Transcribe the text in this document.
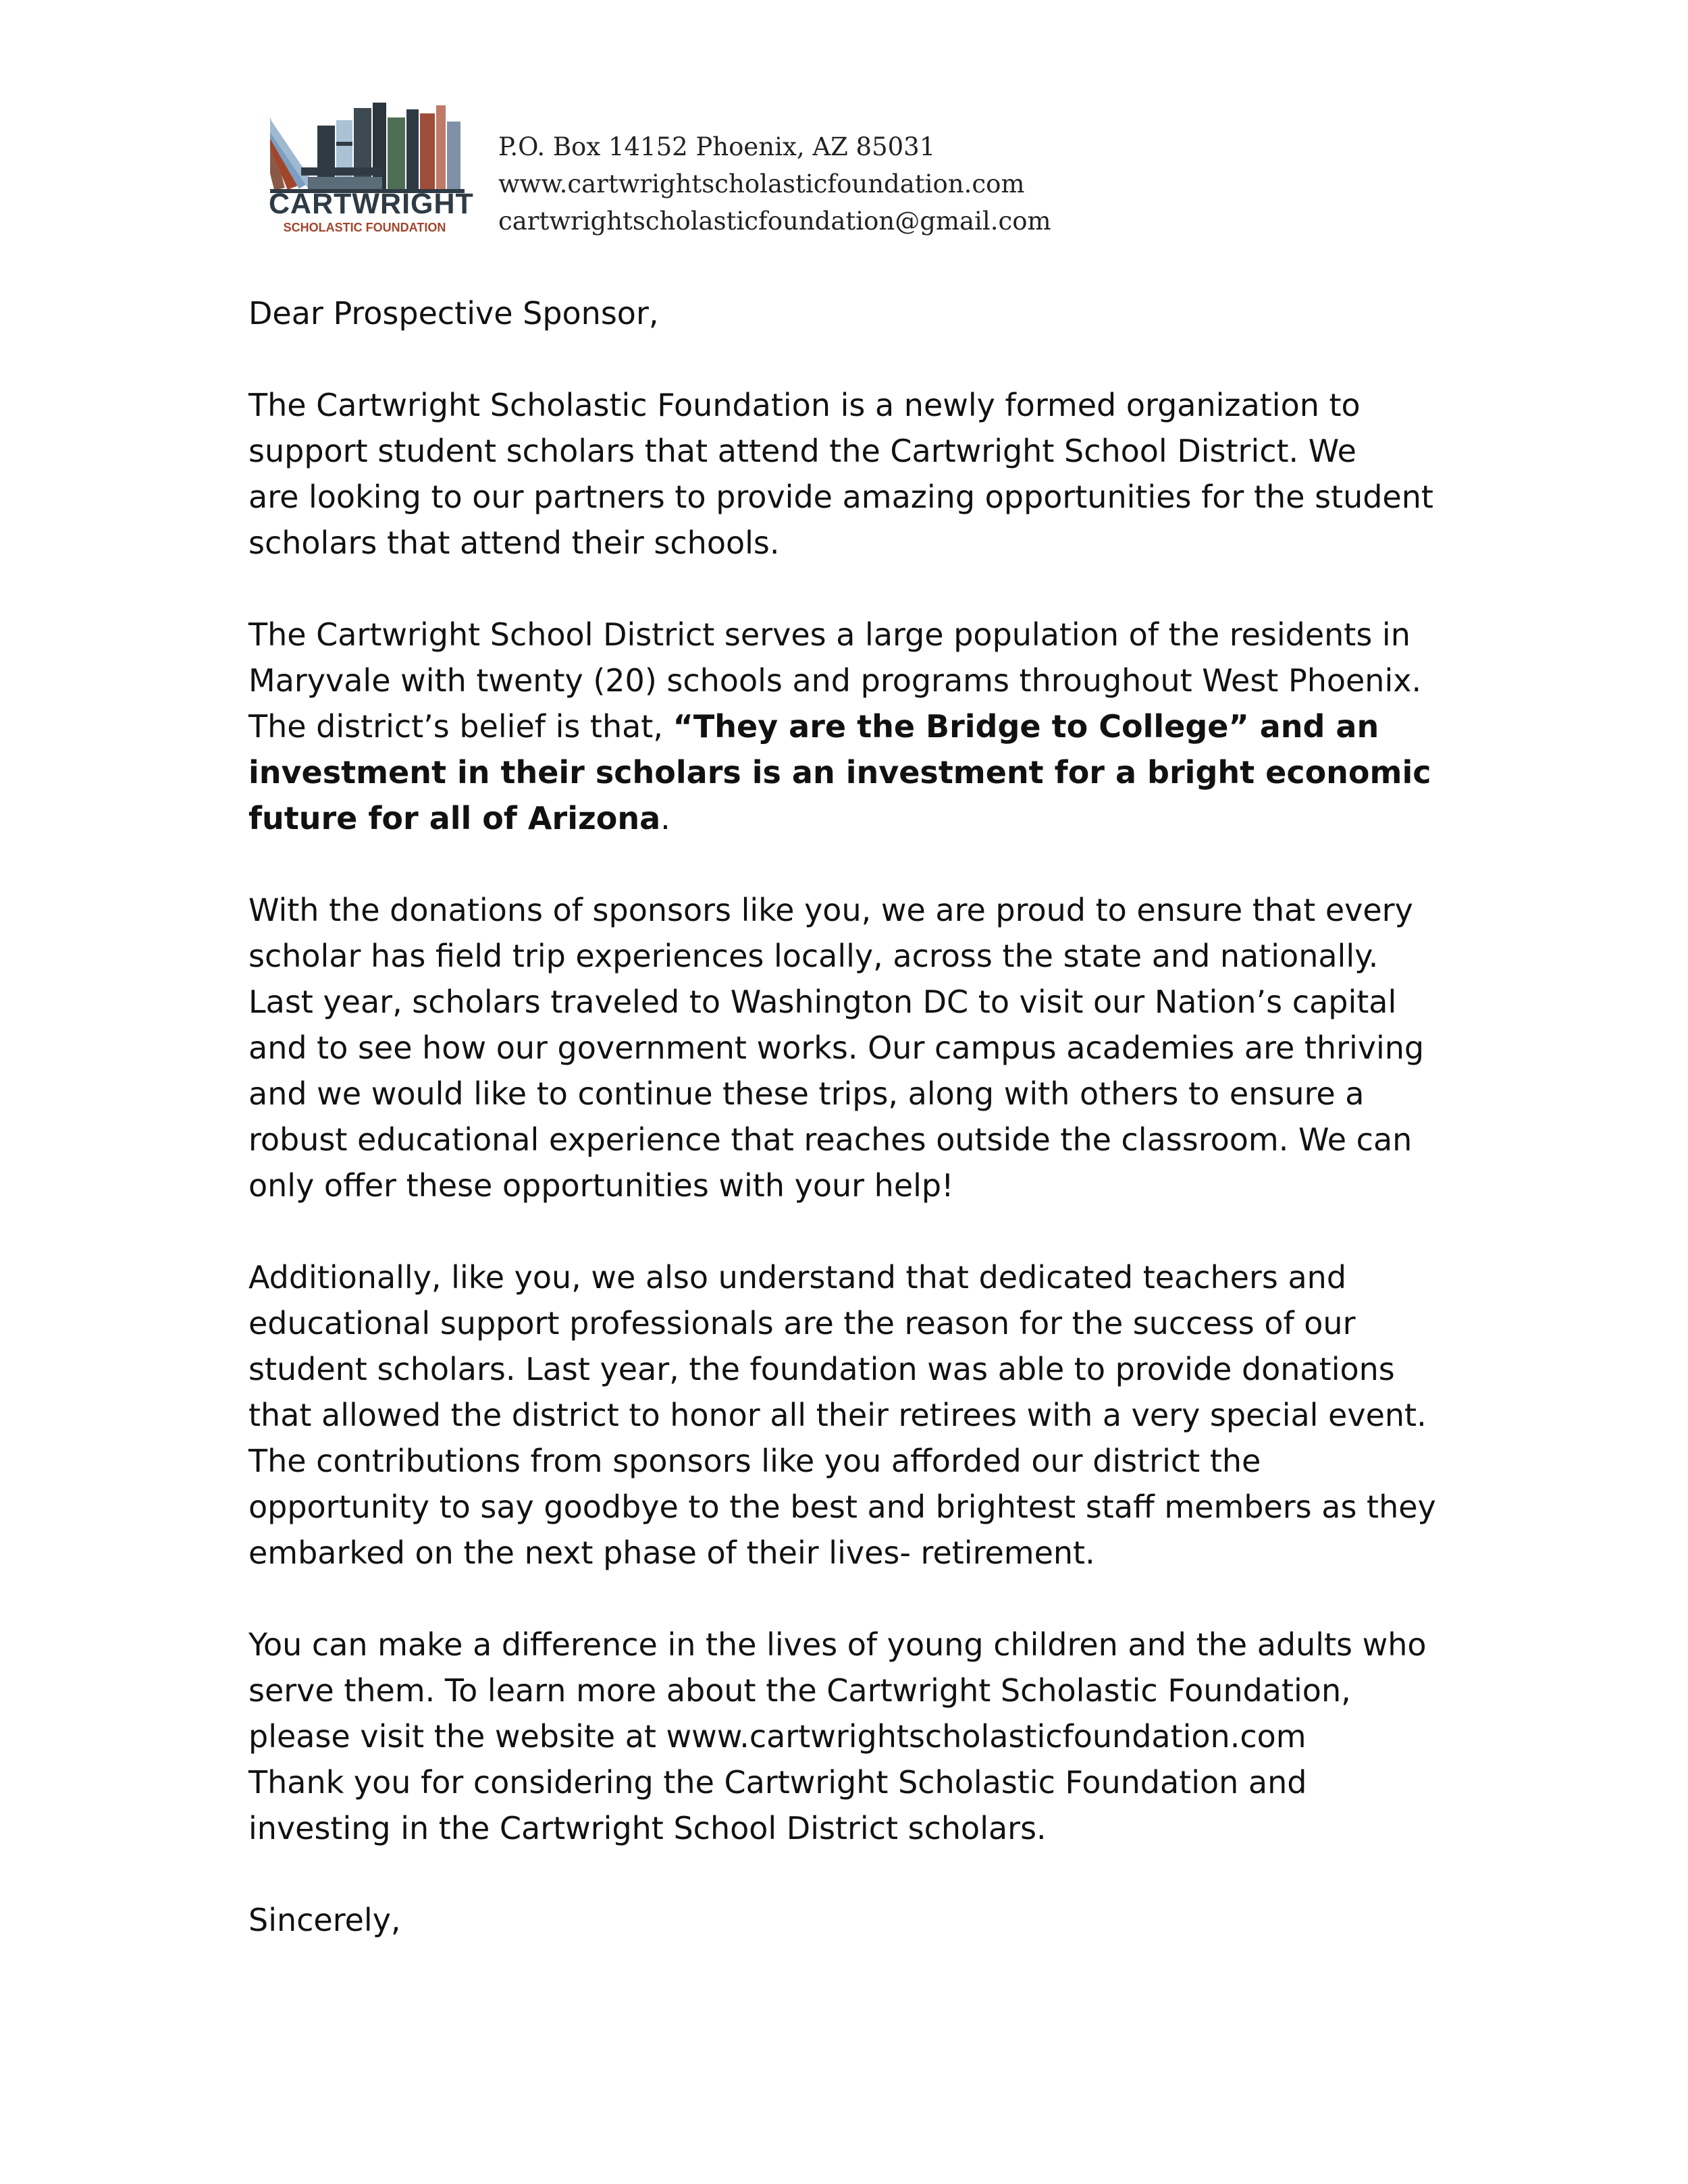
CARTWRIGHT
SCHOLASTIC FOUNDATION
P.O. Box 14152 Phoenix, AZ 85031
www.cartwrightscholasticfoundation.com
cartwrightscholasticfoundation@gmail.com

Dear Prospective Sponsor,

The Cartwright Scholastic Foundation is a newly formed organization to
support student scholars that attend the Cartwright School District. We
are looking to our partners to provide amazing opportunities for the student
scholars that attend their schools.

The Cartwright School District serves a large population of the residents in
Maryvale with twenty (20) schools and programs throughout West Phoenix.
The district’s belief is that, “They are the Bridge to College” and an
investment in their scholars is an investment for a bright economic
future for all of Arizona.

With the donations of sponsors like you, we are proud to ensure that every
scholar has field trip experiences locally, across the state and nationally.
Last year, scholars traveled to Washington DC to visit our Nation’s capital
and to see how our government works. Our campus academies are thriving
and we would like to continue these trips, along with others to ensure a
robust educational experience that reaches outside the classroom. We can
only offer these opportunities with your help!

Additionally, like you, we also understand that dedicated teachers and
educational support professionals are the reason for the success of our
student scholars. Last year, the foundation was able to provide donations
that allowed the district to honor all their retirees with a very special event.
The contributions from sponsors like you afforded our district the
opportunity to say goodbye to the best and brightest staff members as they
embarked on the next phase of their lives- retirement.

You can make a difference in the lives of young children and the adults who
serve them. To learn more about the Cartwright Scholastic Foundation,
please visit the website at www.cartwrightscholasticfoundation.com
Thank you for considering the Cartwright Scholastic Foundation and
investing in the Cartwright School District scholars.

Sincerely,
